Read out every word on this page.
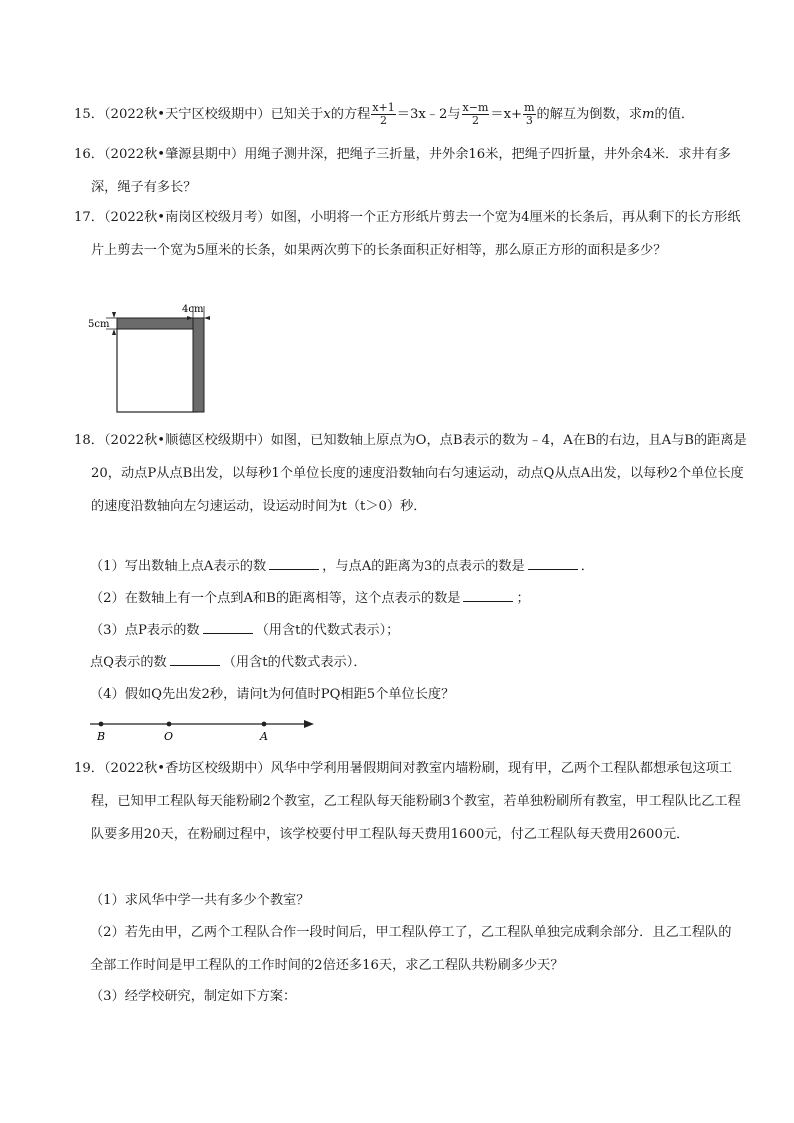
15．（2022秋•天宁区校级期中）已知关于x的方程 $\frac{x+1}{2}$ ＝3x﹣2与 $\frac{x-m}{2} =x+ \frac{m}{3}$ 的解互为倒数，求m的值．
16．（2022秋•肇源县期中）用绳子测井深，把绳子三折量，井外余16米，把绳子四折量，井外余4米．求井有多深，绳子有多长？
17．（2022秋•南岗区校级月考）如图，小明将一个正方形纸片剪去一个宽为4厘米的长条后，再从剩下的长方形纸片上剪去一个宽为5厘米的长条，如果两次剪下的长条面积正好相等，那么原正方形的面积是多少？
4cm
5cm
18．（2022秋•顺德区校级期中）如图，已知数轴上原点为O，点B表示的数为﹣4，A在B的右边，且A与B的距离是20，动点P从点B出发，以每秒1个单位长度的速度沿数轴向右匀速运动，动点Q从点A出发，以每秒2个单位长度的速度沿数轴向左匀速运动，设运动时间为t（t＞0）秒．
（1）写出数轴上点A表示的数	，与点A的距离为3的点表示的数是	．
（2）在数轴上有一个点到A和B的距离相等，这个点表示的数是	；
（3）点P表示的数	（用含t的代数式表示）；
点Q表示的数	（用含t的代数式表示）．
（4）假如Q先出发2秒，请问t为何值时PQ相距5个单位长度？
B	O	A
19．（2022秋•香坊区校级期中）风华中学利用暑假期间对教室内墙粉刷，现有甲，乙两个工程队都想承包这项工程，已知甲工程队每天能粉刷2个教室，乙工程队每天能粉刷3个教室，若单独粉刷所有教室，甲工程队比乙工程队要多用20天，在粉刷过程中，该学校要付甲工程队每天费用1600元，付乙工程队每天费用2600元．
（1）求风华中学一共有多少个教室？
（2）若先由甲，乙两个工程队合作一段时间后，甲工程队停工了，乙工程队单独完成剩余部分．且乙工程队的全部工作时间是甲工程队的工作时间的2倍还多16天，求乙工程队共粉刷多少天？
（3）经学校研究，制定如下方案：
